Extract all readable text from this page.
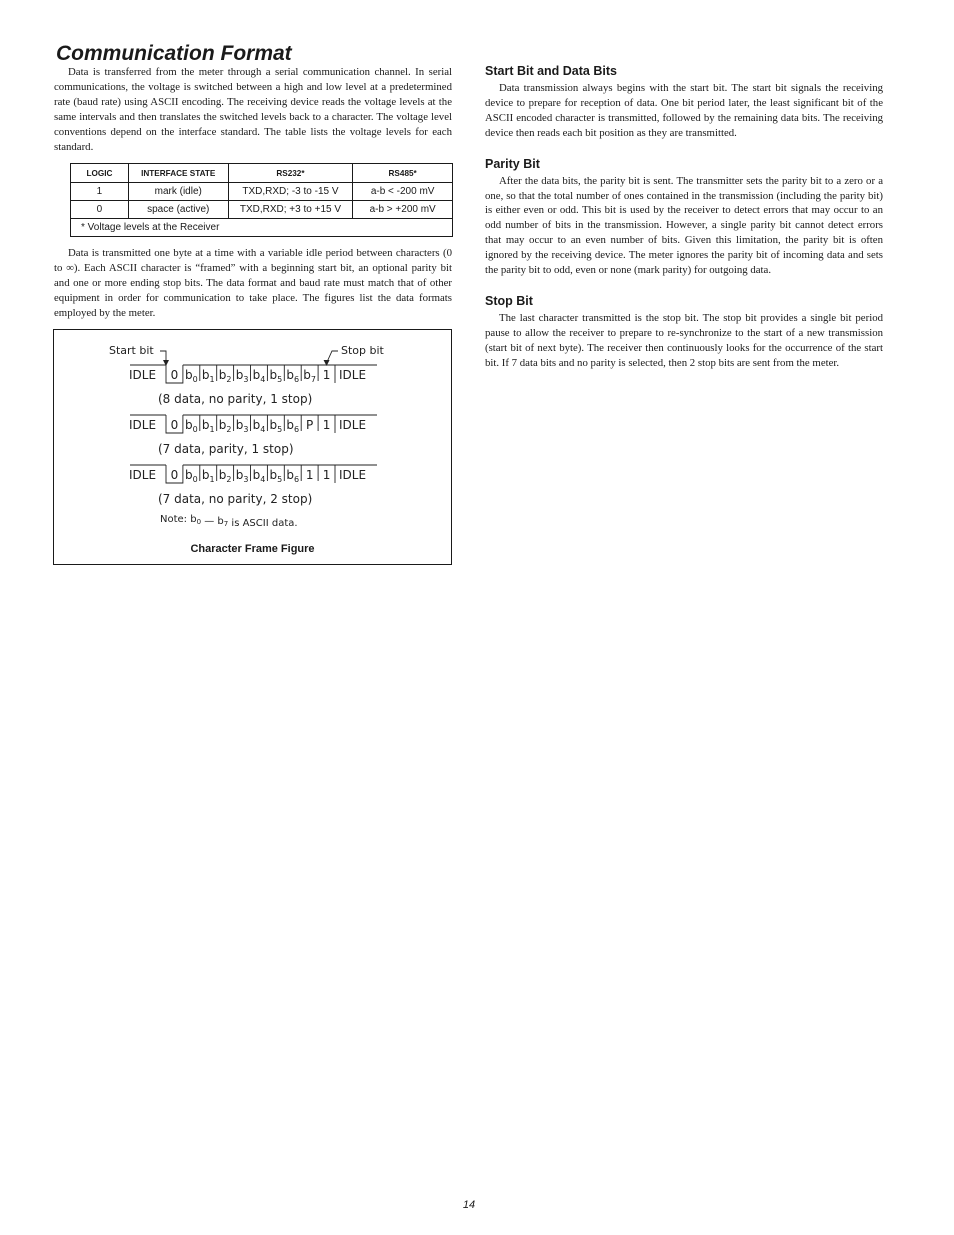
Communication Format

Data is transferred from the meter through a serial communication channel. In serial communications, the voltage is switched between a high and low level at a predetermined rate (baud rate) using ASCII encoding. The receiving device reads the voltage levels at the same intervals and then translates the switched levels back to a character. The voltage level conventions depend on the interface standard. The table lists the voltage levels for each standard.

LOGIC	INTERFACE STATE	RS232*	RS485*
1	mark (idle)	TXD,RXD; -3 to -15 V	a-b < -200 mV
0	space (active)	TXD,RXD; +3 to +15 V	a-b > +200 mV
* Voltage levels at the Receiver			

Data is transmitted one byte at a time with a variable idle period between characters (0 to ∞). Each ASCII character is “framed” with a beginning start bit, an optional parity bit and one or more ending stop bits. The data format and baud rate must match that of other equipment in order for communication to take place. The figures list the data formats employed by the meter.

Start bit	Stop bit
IDLE	IDLE
0 $b_0$ $b_1$ $b_2$ $b_3$ $b_4$ $b_5$ $b_6$ $b_7$ 1
(8 data, no parity, 1 stop)
IDLE	IDLE
0 $b_0$ $b_1$ $b_2$ $b_3$ $b_4$ $b_5$ $b_6$ P 1
(7 data, parity, 1 stop)
IDLE	IDLE
0 $b_0$ $b_1$ $b_2$ $b_3$ $b_4$ $b_5$ $b_6$ 1 1
(7 data, no parity, 2 stop)
Note: $b_0$ — $b_7$ is ASCII data.
Character Frame Figure
Start Bit and Data Bits

Data transmission always begins with the start bit. The start bit signals the receiving device to prepare for reception of data. One bit period later, the least significant bit of the ASCII encoded character is transmitted, followed by the remaining data bits. The receiving device then reads each bit position as they are transmitted.

Parity Bit

After the data bits, the parity bit is sent. The transmitter sets the parity bit to a zero or a one, so that the total number of ones contained in the transmission (including the parity bit) is either even or odd. This bit is used by the receiver to detect errors that may occur to an odd number of bits in the transmission. However, a single parity bit cannot detect errors that may occur to an even number of bits. Given this limitation, the parity bit is often ignored by the receiving device. The meter ignores the parity bit of incoming data and sets the parity bit to odd, even or none (mark parity) for outgoing data.

Stop Bit

The last character transmitted is the stop bit. The stop bit provides a single bit period pause to allow the receiver to prepare to re-synchronize to the start of a new transmission (start bit of next byte). The receiver then continuously looks for the occurrence of the start bit. If 7 data bits and no parity is selected, then 2 stop bits are sent from the meter.

14
